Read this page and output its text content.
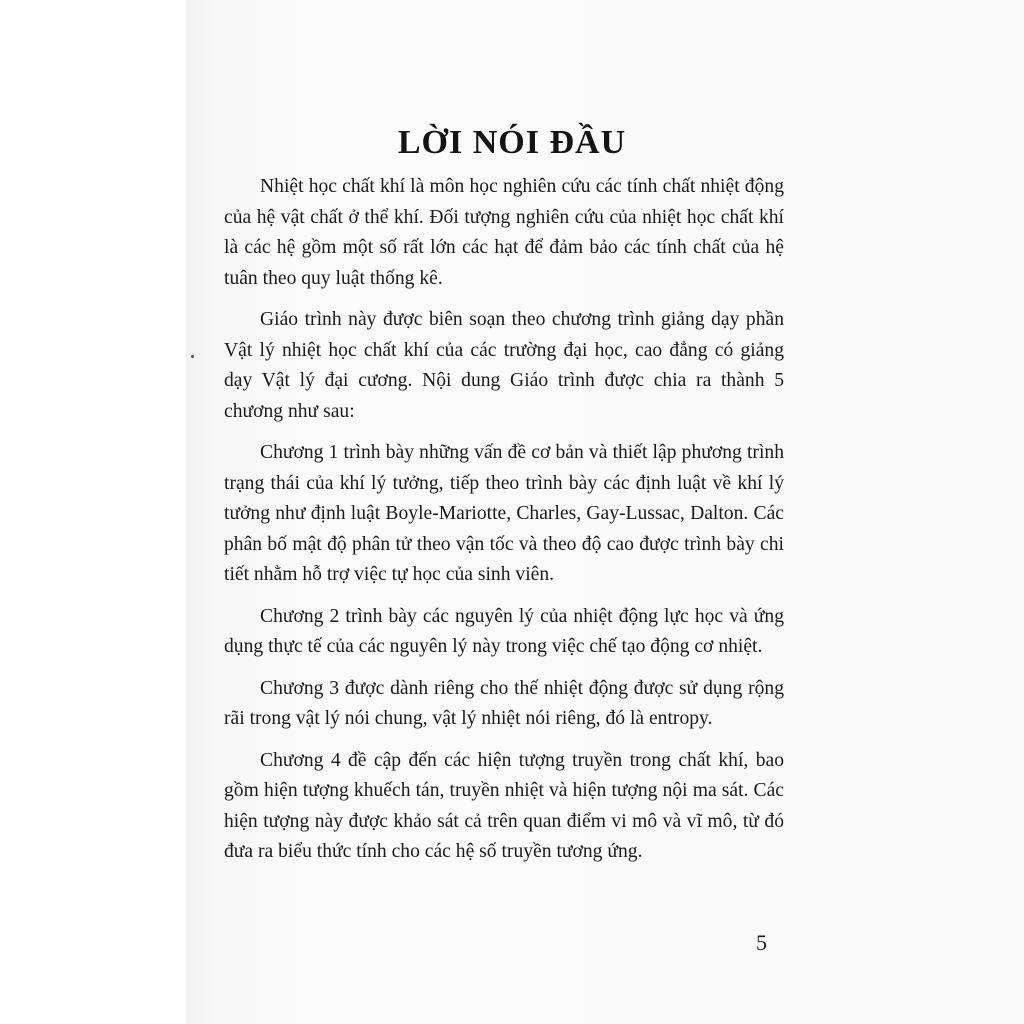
LỜI NÓI ĐẦU

Nhiệt học chất khí là môn học nghiên cứu các tính chất nhiệt động của hệ vật chất ở thể khí. Đối tượng nghiên cứu của nhiệt học chất khí là các hệ gồm một số rất lớn các hạt để đảm bảo các tính chất của hệ tuân theo quy luật thống kê.

Giáo trình này được biên soạn theo chương trình giảng dạy phần Vật lý nhiệt học chất khí của các trường đại học, cao đẳng có giảng dạy Vật lý đại cương. Nội dung Giáo trình được chia ra thành 5 chương như sau:

Chương 1 trình bày những vấn đề cơ bản và thiết lập phương trình trạng thái của khí lý tưởng, tiếp theo trình bày các định luật về khí lý tưởng như định luật Boyle-Mariotte, Charles, Gay-Lussac, Dalton. Các phân bố mật độ phân tử theo vận tốc và theo độ cao được trình bày chi tiết nhằm hỗ trợ việc tự học của sinh viên.

Chương 2 trình bày các nguyên lý của nhiệt động lực học và ứng dụng thực tế của các nguyên lý này trong việc chế tạo động cơ nhiệt.

Chương 3 được dành riêng cho thế nhiệt động được sử dụng rộng rãi trong vật lý nói chung, vật lý nhiệt nói riêng, đó là entropy.

Chương 4 đề cập đến các hiện tượng truyền trong chất khí, bao gồm hiện tượng khuếch tán, truyền nhiệt và hiện tượng nội ma sát. Các hiện tượng này được khảo sát cả trên quan điểm vi mô và vĩ mô, từ đó đưa ra biểu thức tính cho các hệ số truyền tương ứng.

5
